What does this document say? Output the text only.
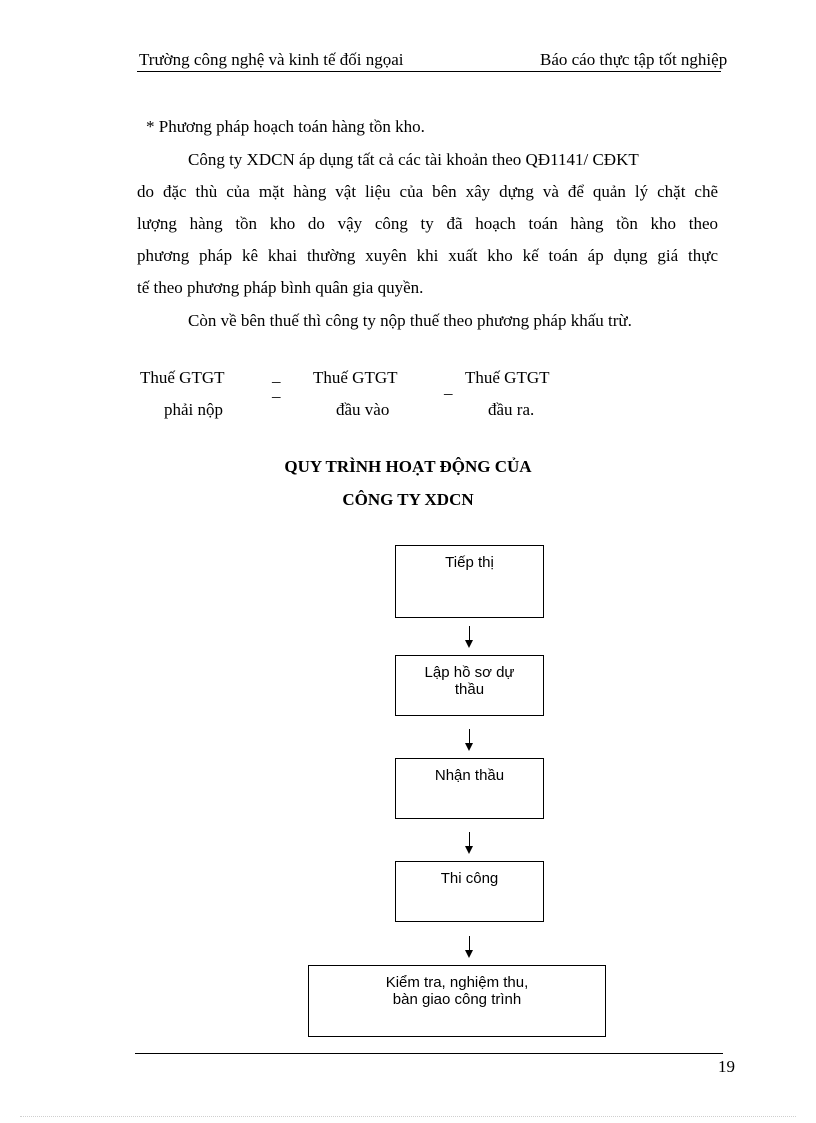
Trường công nghệ và kinh tế đối ngọai	Báo cáo thực tập tốt nghiệp
* Phương pháp hoạch toán hàng tồn kho.
Công ty XDCN áp dụng tất cả các tài khoản theo QĐ1141/ CĐKT
do đặc thù của mặt hàng vật liệu của bên xây dựng và để quản lý chặt chẽ
lượng hàng tồn kho do vậy công ty đã hoạch toán hàng tồn kho theo
phương pháp kê khai thường xuyên khi xuất kho kế toán áp dụng giá thực
tế theo phương pháp bình quân gia quyền.
Còn về bên thuế thì công ty nộp thuế theo phương pháp khấu trừ.
Thuế GTGT
phải nộp
_
_
Thuế GTGT
đầu vào
_
Thuế GTGT
đầu ra.
QUY TRÌNH HOẠT ĐỘNG CỦA
CÔNG TY XDCN
Tiếp thị
Lập hồ sơ dự
thầu
Nhận thầu
Thi công
Kiểm tra, nghiệm thu,
bàn giao công trình
19
